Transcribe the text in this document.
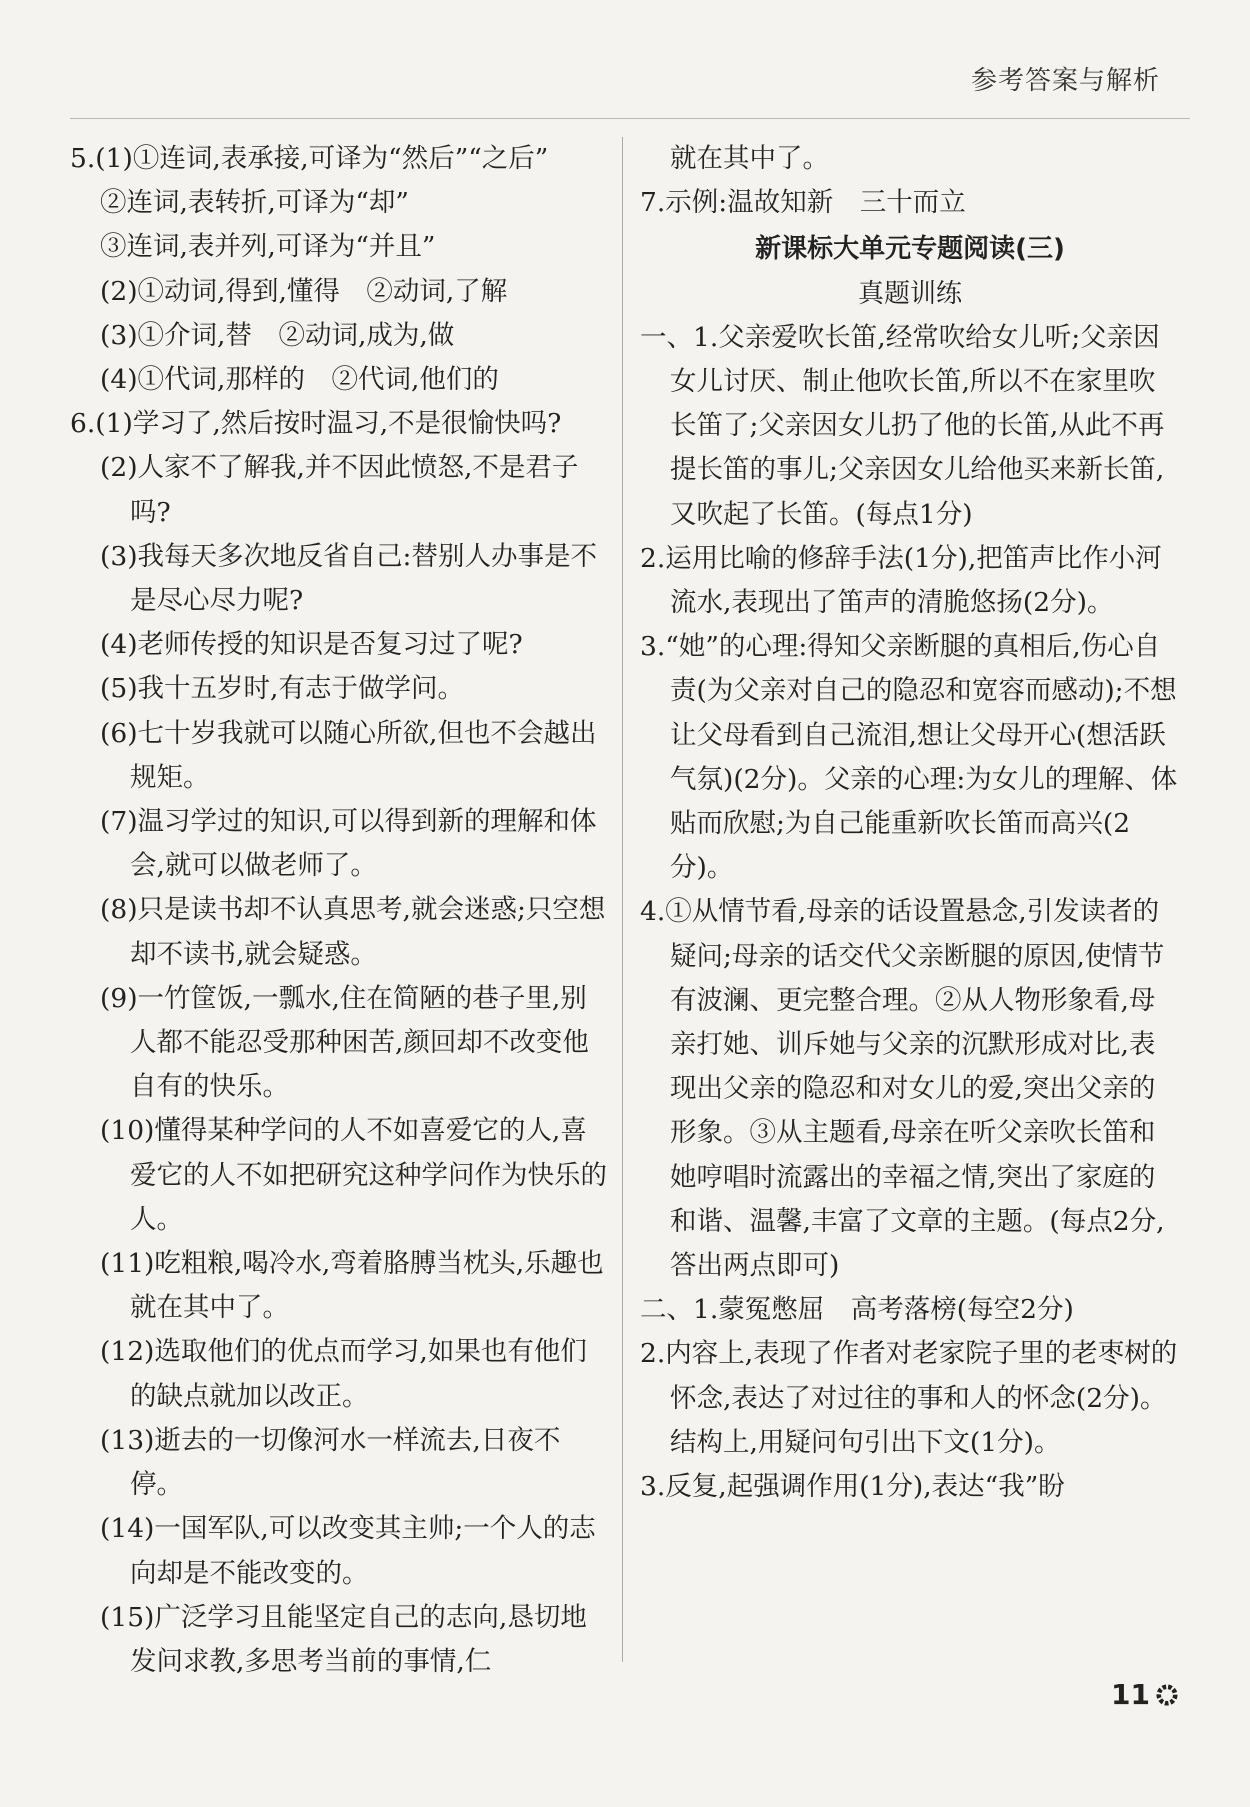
参考答案与解析
5.(1)①连词,表承接,可译为“然后”“之后”
②连词,表转折,可译为“却”
③连词,表并列,可译为“并且”
(2)①动词,得到,懂得　②动词,了解
(3)①介词,替　②动词,成为,做
(4)①代词,那样的　②代词,他们的
6.(1)学习了,然后按时温习,不是很愉快吗?
(2)人家不了解我,并不因此愤怒,不是君子吗?
(3)我每天多次地反省自己:替别人办事是不是尽心尽力呢?
(4)老师传授的知识是否复习过了呢?
(5)我十五岁时,有志于做学问。
(6)七十岁我就可以随心所欲,但也不会越出规矩。
(7)温习学过的知识,可以得到新的理解和体会,就可以做老师了。
(8)只是读书却不认真思考,就会迷惑;只空想却不读书,就会疑惑。
(9)一竹筐饭,一瓢水,住在简陋的巷子里,别人都不能忍受那种困苦,颜回却不改变他自有的快乐。
(10)懂得某种学问的人不如喜爱它的人,喜爱它的人不如把研究这种学问作为快乐的人。
(11)吃粗粮,喝冷水,弯着胳膊当枕头,乐趣也就在其中了。
(12)选取他们的优点而学习,如果也有他们的缺点就加以改正。
(13)逝去的一切像河水一样流去,日夜不停。
(14)一国军队,可以改变其主帅;一个人的志向却是不能改变的。
(15)广泛学习且能坚定自己的志向,恳切地发问求教,多思考当前的事情,仁
就在其中了。
7.示例:温故知新　三十而立
新课标大单元专题阅读(三)
真题训练
一、1.父亲爱吹长笛,经常吹给女儿听;父亲因女儿讨厌、制止他吹长笛,所以不在家里吹长笛了;父亲因女儿扔了他的长笛,从此不再提长笛的事儿;父亲因女儿给他买来新长笛,又吹起了长笛。(每点1分)
2.运用比喻的修辞手法(1分),把笛声比作小河流水,表现出了笛声的清脆悠扬(2分)。
3.“她”的心理:得知父亲断腿的真相后,伤心自责(为父亲对自己的隐忍和宽容而感动);不想让父母看到自己流泪,想让父母开心(想活跃气氛)(2分)。父亲的心理:为女儿的理解、体贴而欣慰;为自己能重新吹长笛而高兴(2分)。
4.①从情节看,母亲的话设置悬念,引发读者的疑问;母亲的话交代父亲断腿的原因,使情节有波澜、更完整合理。②从人物形象看,母亲打她、训斥她与父亲的沉默形成对比,表现出父亲的隐忍和对女儿的爱,突出父亲的形象。③从主题看,母亲在听父亲吹长笛和她哼唱时流露出的幸福之情,突出了家庭的和谐、温馨,丰富了文章的主题。(每点2分,答出两点即可)
二、1.蒙冤憋屈　高考落榜(每空2分)
2.内容上,表现了作者对老家院子里的老枣树的怀念,表达了对过往的事和人的怀念(2分)。结构上,用疑问句引出下文(1分)。
3.反复,起强调作用(1分),表达“我”盼
11
